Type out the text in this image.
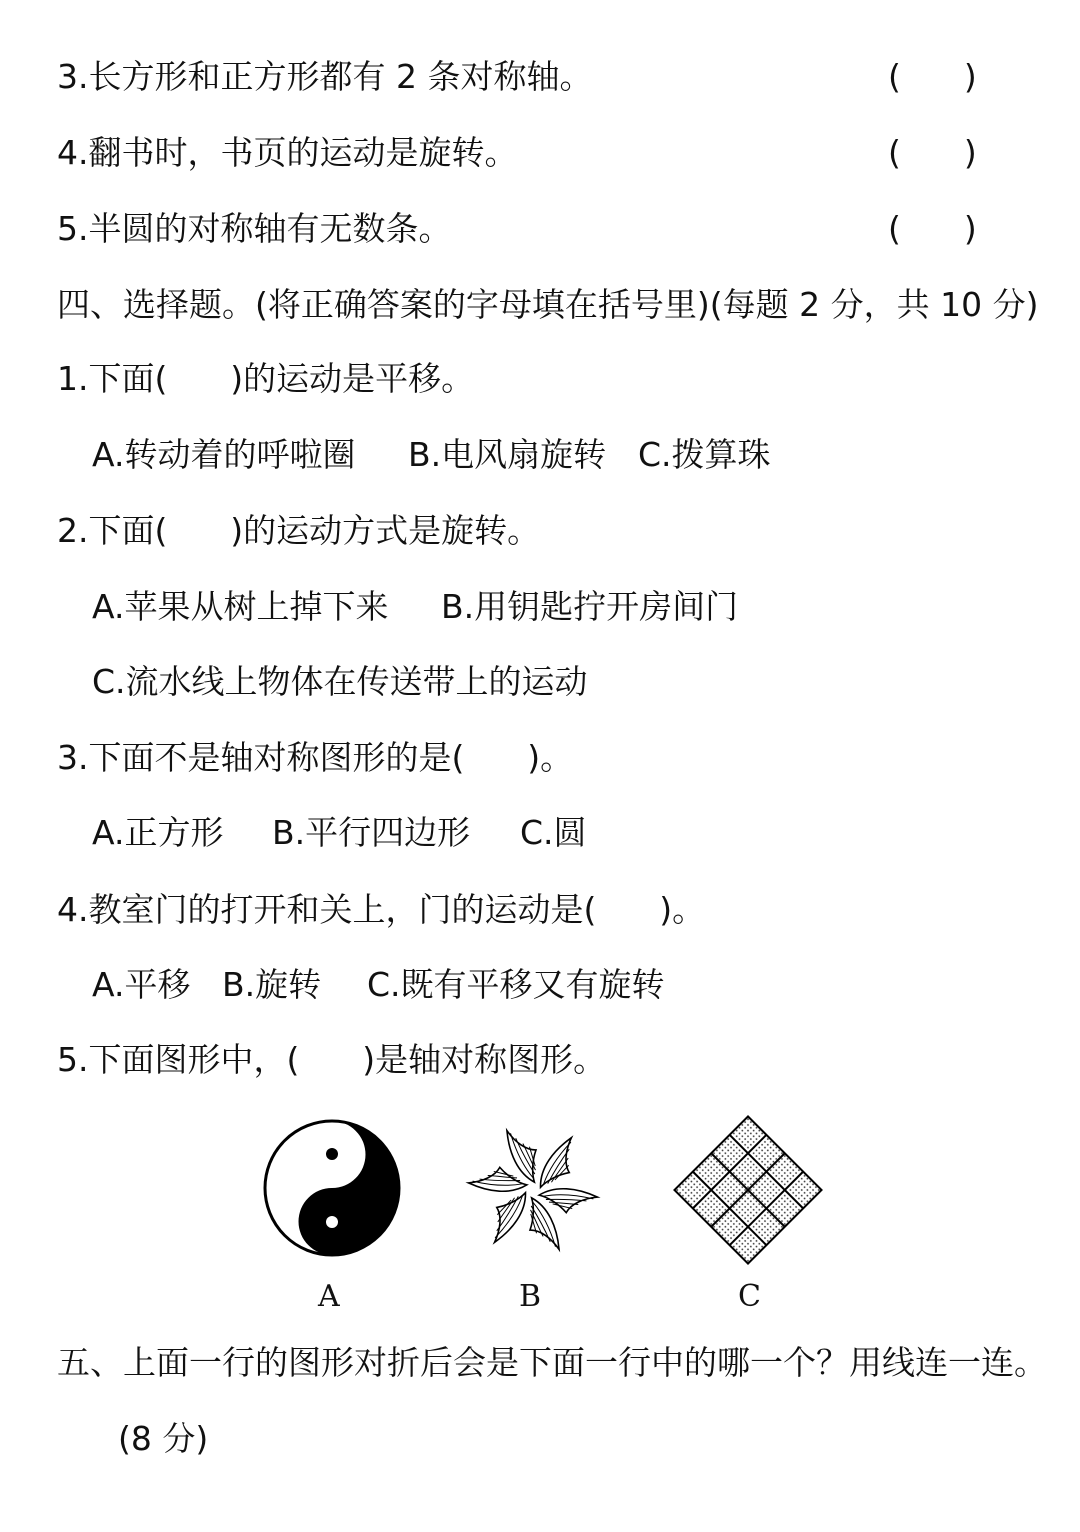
3.长方形和正方形都有 2 条对称轴。	(      )
4.翻书时，书页的运动是旋转。	(      )
5.半圆的对称轴有无数条。	(      )
四、选择题。(将正确答案的字母填在括号里)(每题 2 分，共 10 分)
1.下面(      )的运动是平移。
A.转动着的呼啦圈 B.电风扇旋转 C.拨算珠
2.下面(      )的运动方式是旋转。
A.苹果从树上掉下来 B.用钥匙拧开房间门
C.流水线上物体在传送带上的运动
3.下面不是轴对称图形的是(      )。
A.正方形 B.平行四边形 C.圆
4.教室门的打开和关上，门的运动是(      )。
A.平移 B.旋转 C.既有平移又有旋转
5.下面图形中，(      )是轴对称图形。
A	B	C
五、上面一行的图形对折后会是下面一行中的哪一个？用线连一连。
(8 分)
